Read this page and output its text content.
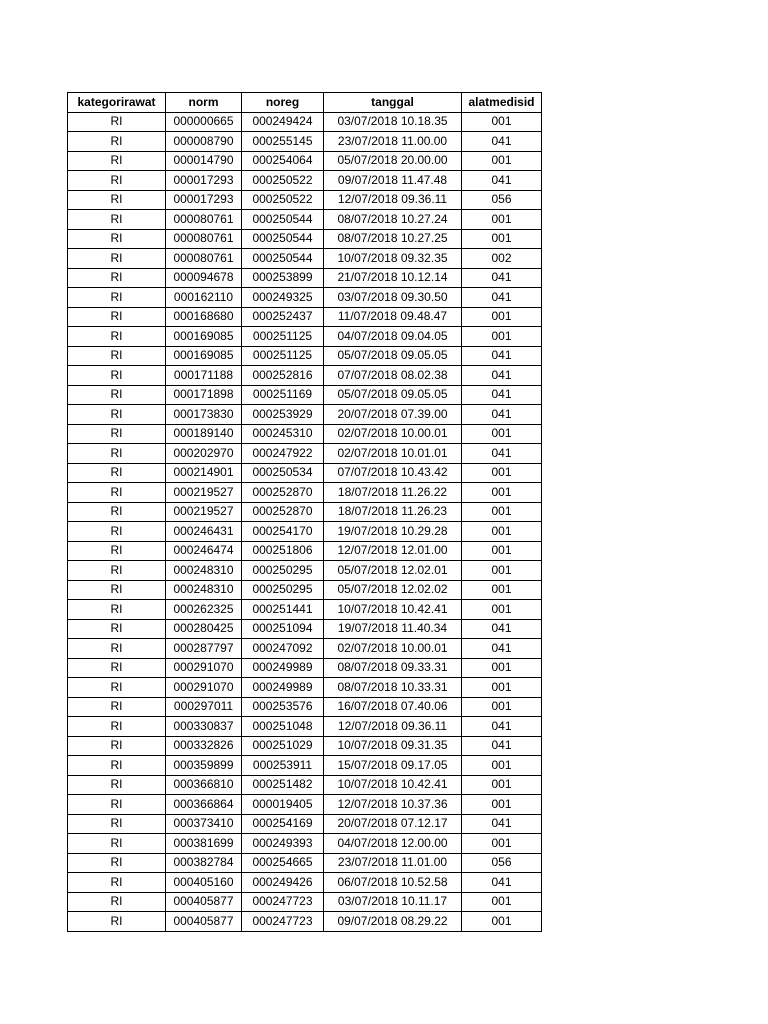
kategorirawat	norm	noreg	tanggal	alatmedisid
RI	000000665	000249424	03/07/2018 10.18.35	001
RI	000008790	000255145	23/07/2018 11.00.00	041
RI	000014790	000254064	05/07/2018 20.00.00	001
RI	000017293	000250522	09/07/2018 11.47.48	041
RI	000017293	000250522	12/07/2018 09.36.11	056
RI	000080761	000250544	08/07/2018 10.27.24	001
RI	000080761	000250544	08/07/2018 10.27.25	001
RI	000080761	000250544	10/07/2018 09.32.35	002
RI	000094678	000253899	21/07/2018 10.12.14	041
RI	000162110	000249325	03/07/2018 09.30.50	041
RI	000168680	000252437	11/07/2018 09.48.47	001
RI	000169085	000251125	04/07/2018 09.04.05	001
RI	000169085	000251125	05/07/2018 09.05.05	041
RI	000171188	000252816	07/07/2018 08.02.38	041
RI	000171898	000251169	05/07/2018 09.05.05	041
RI	000173830	000253929	20/07/2018 07.39.00	041
RI	000189140	000245310	02/07/2018 10.00.01	001
RI	000202970	000247922	02/07/2018 10.01.01	041
RI	000214901	000250534	07/07/2018 10.43.42	001
RI	000219527	000252870	18/07/2018 11.26.22	001
RI	000219527	000252870	18/07/2018 11.26.23	001
RI	000246431	000254170	19/07/2018 10.29.28	001
RI	000246474	000251806	12/07/2018 12.01.00	001
RI	000248310	000250295	05/07/2018 12.02.01	001
RI	000248310	000250295	05/07/2018 12.02.02	001
RI	000262325	000251441	10/07/2018 10.42.41	001
RI	000280425	000251094	19/07/2018 11.40.34	041
RI	000287797	000247092	02/07/2018 10.00.01	041
RI	000291070	000249989	08/07/2018 09.33.31	001
RI	000291070	000249989	08/07/2018 10.33.31	001
RI	000297011	000253576	16/07/2018 07.40.06	001
RI	000330837	000251048	12/07/2018 09.36.11	041
RI	000332826	000251029	10/07/2018 09.31.35	041
RI	000359899	000253911	15/07/2018 09.17.05	001
RI	000366810	000251482	10/07/2018 10.42.41	001
RI	000366864	000019405	12/07/2018 10.37.36	001
RI	000373410	000254169	20/07/2018 07.12.17	041
RI	000381699	000249393	04/07/2018 12.00.00	001
RI	000382784	000254665	23/07/2018 11.01.00	056
RI	000405160	000249426	06/07/2018 10.52.58	041
RI	000405877	000247723	03/07/2018 10.11.17	001
RI	000405877	000247723	09/07/2018 08.29.22	001
